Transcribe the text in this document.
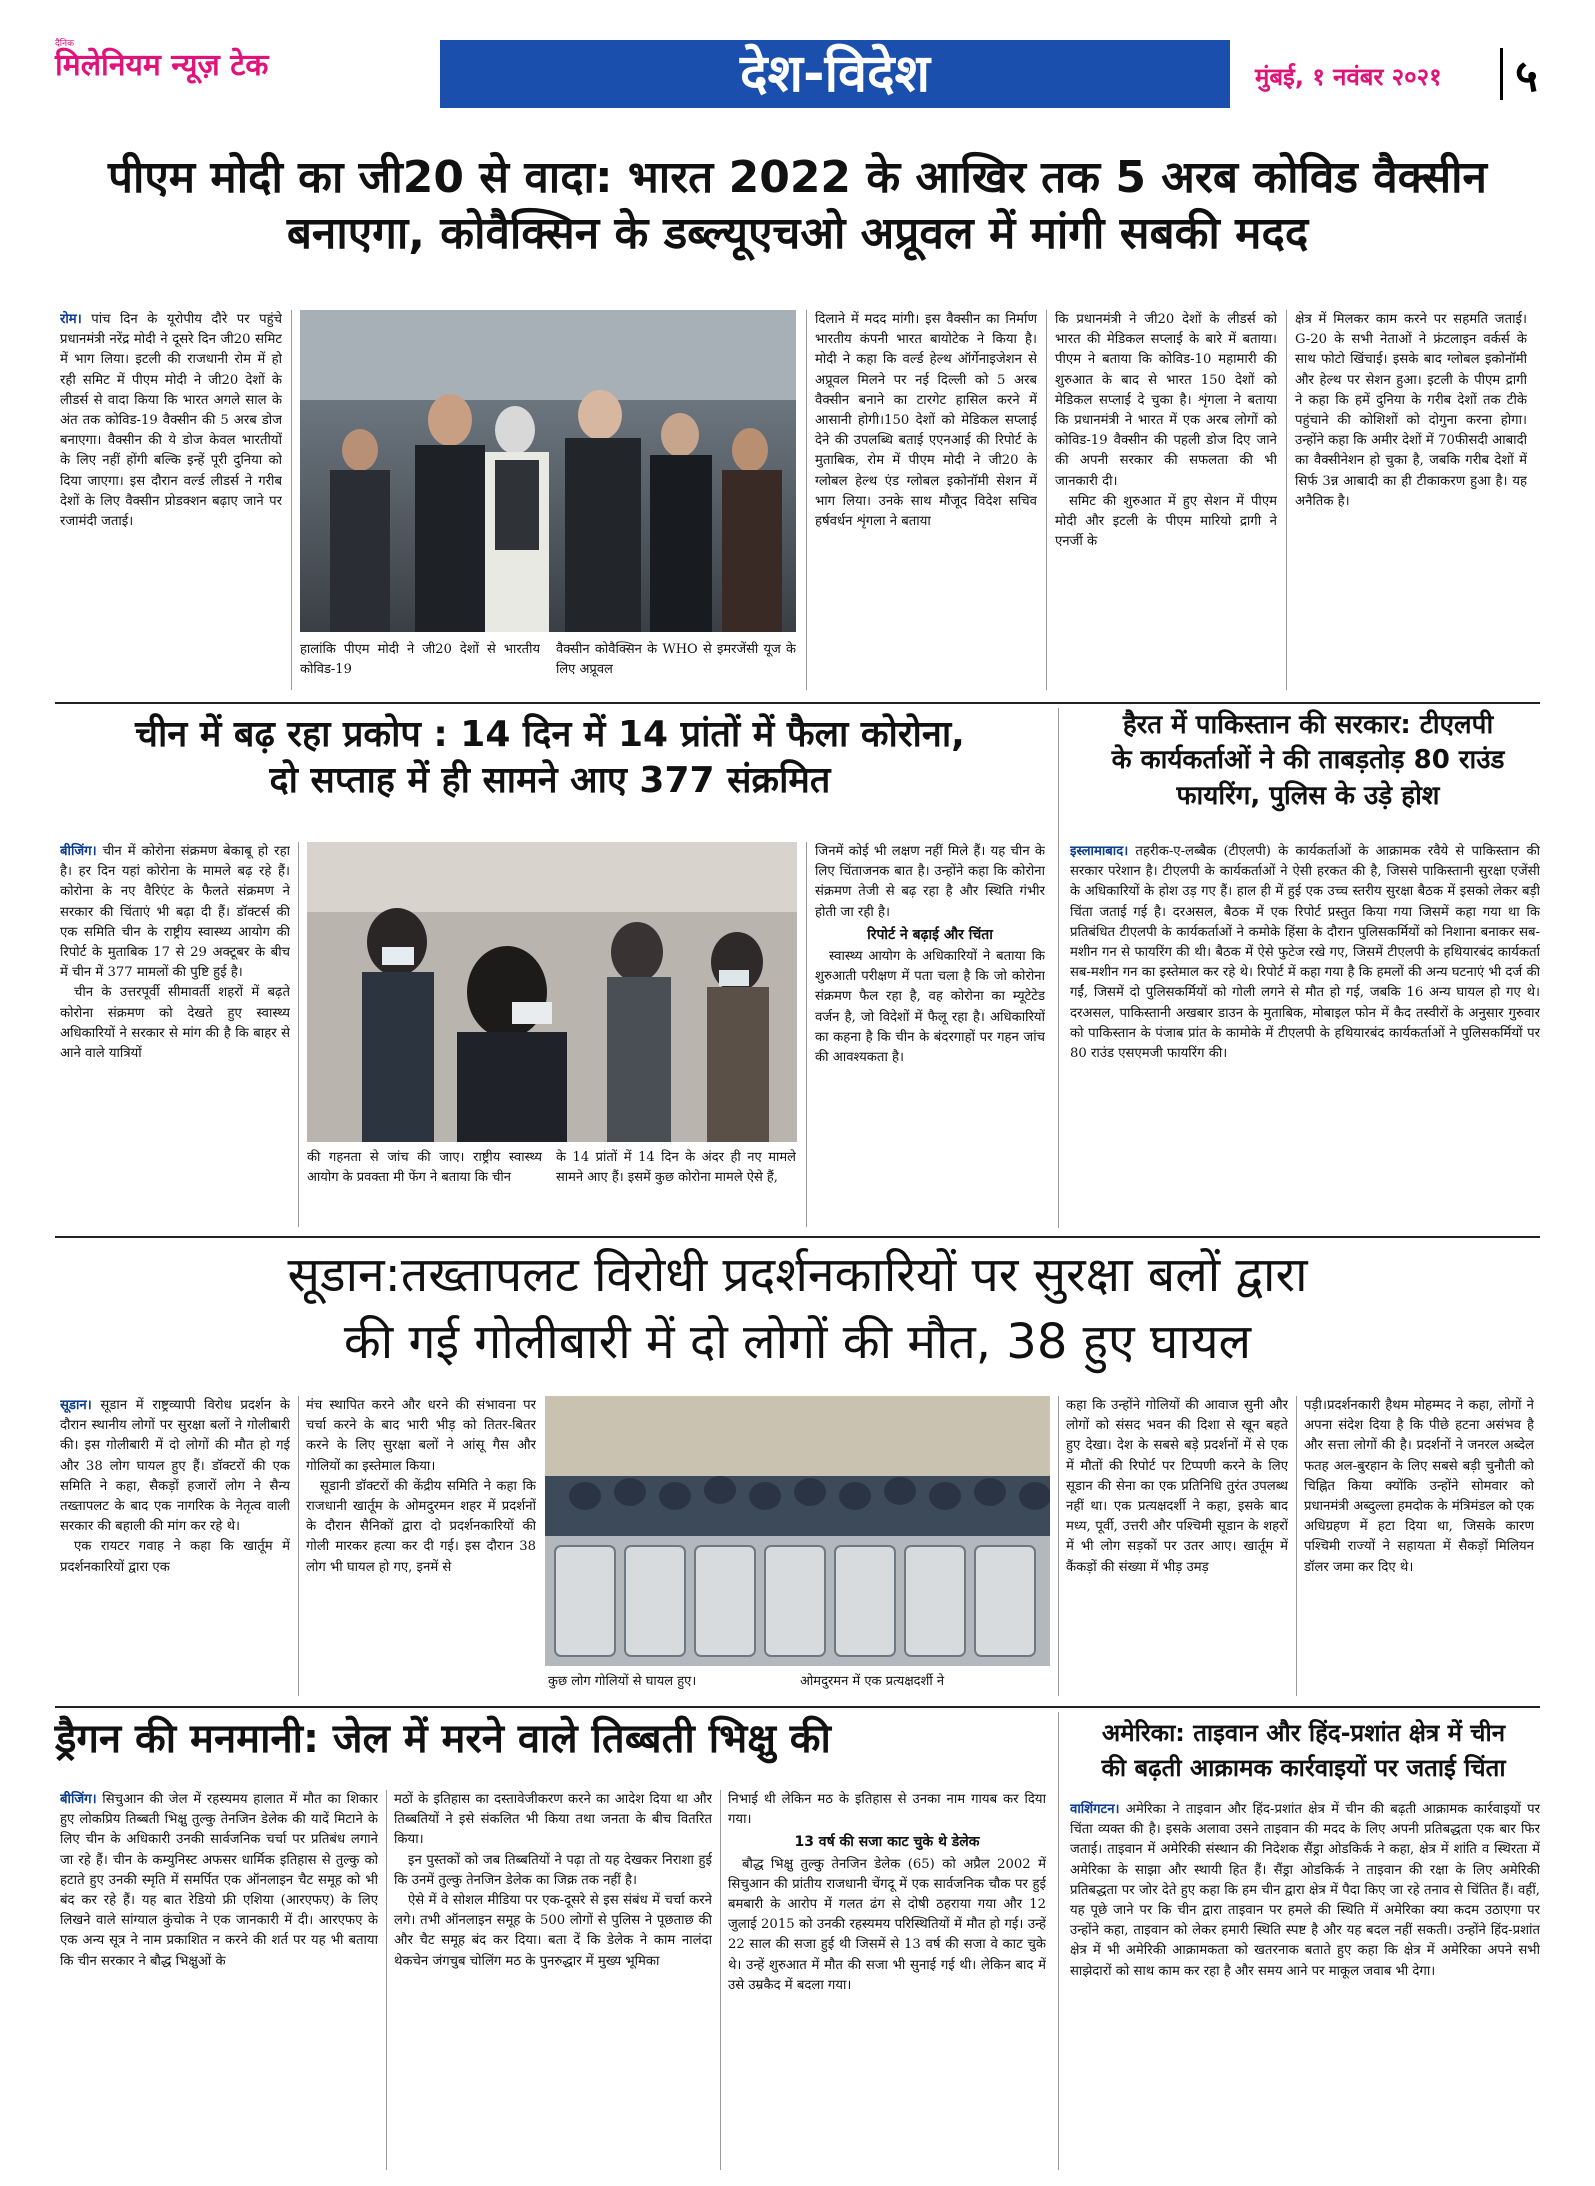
दैनिक
मिलेनियम न्यूज़ टेक	देश-विदेश	मुंबई, १ नवंबर २०२१ ५
पीएम मोदी का जी20 से वादा: भारत 2022 के आखिर तक 5 अरब कोविड वैक्सीन
बनाएगा, कोवैक्सिन के डब्ल्यूएचओ अप्रूवल में मांगी सबकी मदद

रोम। पांच दिन के यूरोपीय दौरे पर पहुंचे प्रधानमंत्री नरेंद्र मोदी ने दूसरे दिन जी20 समिट में भाग लिया। इटली की राजधानी रोम में हो रही समिट में पीएम मोदी ने जी20 देशों के लीडर्स से वादा किया कि भारत अगले साल के अंत तक कोविड-19 वैक्सीन की 5 अरब डोज बनाएगा। वैक्सीन की ये डोज केवल भारतीयों के लिए नहीं होंगी बल्कि इन्हें पूरी दुनिया को दिया जाएगा। इस दौरान वर्ल्ड लीडर्स ने गरीब देशों के लिए वैक्सीन प्रोडक्शन बढ़ाए जाने पर रजामंदी जताई।

हालांकि पीएम मोदी ने जी20 देशों से भारतीय कोविड-19
वैक्सीन कोवैक्सिन के WHO से इमरजेंसी यूज के लिए अप्रूवल
दिलाने में मदद मांगी। इस वैक्सीन का निर्माण भारतीय कंपनी भारत बायोटेक ने किया है। मोदी ने कहा कि वर्ल्ड हेल्थ ऑर्गेनाइजेशन से अप्रूवल मिलने पर नई दिल्ली को 5 अरब वैक्सीन बनाने का टारगेट हासिल करने में आसानी होगी।150 देशों को मेडिकल सप्लाई देने की उपलब्धि बताई एएनआई की रिपोर्ट के मुताबिक, रोम में पीएम मोदी ने जी20 के ग्लोबल हेल्थ एंड ग्लोबल इकोनॉमी सेशन में भाग लिया। उनके साथ मौजूद विदेश सचिव हर्षवर्धन शृंगला ने बताया

कि प्रधानमंत्री ने जी20 देशों के लीडर्स को भारत की मेडिकल सप्लाई के बारे में बताया। पीएम ने बताया कि कोविड-10 महामारी की शुरुआत के बाद से भारत 150 देशों को मेडिकल सप्लाई दे चुका है। शृंगला ने बताया कि प्रधानमंत्री ने भारत में एक अरब लोगों को कोविड-19 वैक्सीन की पहली डोज दिए जाने की अपनी सरकार की सफलता की भी जानकारी दी।

समिट की शुरुआत में हुए सेशन में पीएम मोदी और इटली के पीएम मारियो द्रागी ने एनर्जी के

क्षेत्र में मिलकर काम करने पर सहमति जताई। G-20 के सभी नेताओं ने फ्रंटलाइन वर्कर्स के साथ फोटो खिंचाई। इसके बाद ग्लोबल इकोनॉमी और हेल्थ पर सेशन हुआ। इटली के पीएम द्रागी ने कहा कि हमें दुनिया के गरीब देशों तक टीके पहुंचाने की कोशिशों को दोगुना करना होगा। उन्होंने कहा कि अमीर देशों में 70फीसदी आबादी का वैक्सीनेशन हो चुका है, जबकि गरीब देशों में सिर्फ 3न्न आबादी का ही टीकाकरण हुआ है। यह अनैतिक है।
चीन में बढ़ रहा प्रकोप : 14 दिन में 14 प्रांतों में फैला कोरोना,
दो सप्ताह में ही सामने आए 377 संक्रमित

बीजिंग। चीन में कोरोना संक्रमण बेकाबू हो रहा है। हर दिन यहां कोरोना के मामले बढ़ रहे हैं। कोरोना के नए वैरिएंट के फैलते संक्रमण ने सरकार की चिंताएं भी बढ़ा दी हैं। डॉक्टर्स की एक समिति चीन के राष्ट्रीय स्वास्थ्य आयोग की रिपोर्ट के मुताबिक 17 से 29 अक्टूबर के बीच में चीन में 377 मामलों की पुष्टि हुई है।

चीन के उत्तरपूर्वी सीमावर्ती शहरों में बढ़ते कोरोना संक्रमण को देखते हुए स्वास्थ्य अधिकारियों ने सरकार से मांग की है कि बाहर से आने वाले यात्रियों

की गहनता से जांच की जाए। राष्ट्रीय स्वास्थ्य आयोग के प्रवक्ता मी फेंग ने बताया कि चीन
के 14 प्रांतों में 14 दिन के अंदर ही नए मामले सामने आए हैं। इसमें कुछ कोरोना मामले ऐसे हैं,

जिनमें कोई भी लक्षण नहीं मिले हैं। यह चीन के लिए चिंताजनक बात है। उन्होंने कहा कि कोरोना संक्रमण तेजी से बढ़ रहा है और स्थिति गंभीर होती जा रही है।

रिपोर्ट ने बढ़ाई और चिंता

स्वास्थ्य आयोग के अधिकारियों ने बताया कि शुरुआती परीक्षण में पता चला है कि जो कोरोना संक्रमण फैल रहा है, वह कोरोना का म्यूटेटेड वर्जन है, जो विदेशों में फैलू रहा है। अधिकारियों का कहना है कि चीन के बंदरगाहों पर गहन जांच की आवश्यकता है।

हैरत में पाकिस्तान की सरकार: टीएलपी
के कार्यकर्ताओं ने की ताबड़तोड़ 80 राउंड
फायरिंग, पुलिस के उड़े होश

इस्लामाबाद। तहरीक-ए-लब्बैक (टीएलपी) के कार्यकर्ताओं के आक्रामक रवैये से पाकिस्तान की सरकार परेशान है। टीएलपी के कार्यकर्ताओं ने ऐसी हरकत की है, जिससे पाकिस्तानी सुरक्षा एजेंसी के अधिकारियों के होश उड़ गए हैं। हाल ही में हुई एक उच्च स्तरीय सुरक्षा बैठक में इसको लेकर बड़ी चिंता जताई गई है। दरअसल, बैठक में एक रिपोर्ट प्रस्तुत किया गया जिसमें कहा गया था कि प्रतिबंधित टीएलपी के कार्यकर्ताओं ने कमोके हिंसा के दौरान पुलिसकर्मियों को निशाना बनाकर सब-मशीन गन से फायरिंग की थी। बैठक में ऐसे फुटेज रखे गए, जिसमें टीएलपी के हथियारबंद कार्यकर्ता सब-मशीन गन का इस्तेमाल कर रहे थे। रिपोर्ट में कहा गया है कि हमलों की अन्य घटनाएं भी दर्ज की गईं, जिसमें दो पुलिसकर्मियों को गोली लगने से मौत हो गई, जबकि 16 अन्य घायल हो गए थे। दरअसल, पाकिस्तानी अखबार डाउन के मुताबिक, मोबाइल फोन में कैद तस्वीरों के अनुसार गुरुवार को पाकिस्तान के पंजाब प्रांत के कामोके में टीएलपी के हथियारबंद कार्यकर्ताओं ने पुलिसकर्मियों पर 80 राउंड एसएमजी फायरिंग की।

सूडान:तख्तापलट विरोधी प्रदर्शनकारियों पर सुरक्षा बलों द्वारा
की गई गोलीबारी में दो लोगों की मौत, 38 हुए घायल

सूडान। सूडान में राष्ट्रव्यापी विरोध प्रदर्शन के दौरान स्थानीय लोगों पर सुरक्षा बलों ने गोलीबारी की। इस गोलीबारी में दो लोगों की मौत हो गई और 38 लोग घायल हुए हैं। डॉक्टरों की एक समिति ने कहा, सैकड़ों हजारों लोग ने सैन्य तख्तापलट के बाद एक नागरिक के नेतृत्व वाली सरकार की बहाली की मांग कर रहे थे।

एक रायटर गवाह ने कहा कि खार्तूम में प्रदर्शनकारियों द्वारा एक

मंच स्थापित करने और धरने की संभावना पर चर्चा करने के बाद भारी भीड़ को तितर-बितर करने के लिए सुरक्षा बलों ने आंसू गैस और गोलियों का इस्तेमाल किया।

सूडानी डॉक्टरों की केंद्रीय समिति ने कहा कि राजधानी खार्तूम के ओमदुरमन शहर में प्रदर्शनों के दौरान सैनिकों द्वारा दो प्रदर्शनकारियों की गोली मारकर हत्या कर दी गई। इस दौरान 38 लोग भी घायल हो गए, इनमें से

कुछ लोग गोलियों से घायल हुए।	ओमदुरमन में एक प्रत्यक्षदर्शी ने
कहा कि उन्होंने गोलियों की आवाज सुनी और लोगों को संसद भवन की दिशा से खून बहते हुए देखा। देश के सबसे बड़े प्रदर्शनों में से एक में मौतों की रिपोर्ट पर टिप्पणी करने के लिए सूडान की सेना का एक प्रतिनिधि तुरंत उपलब्ध नहीं था। एक प्रत्यक्षदर्शी ने कहा, इसके बाद मध्य, पूर्वी, उत्तरी और पश्चिमी सूडान के शहरों में भी लोग सड़कों पर उतर आए। खार्तूम में कैंकड़ों की संख्या में भीड़ उमड़
पड़ी।प्रदर्शनकारी हैथम मोहम्मद ने कहा, लोगों ने अपना संदेश दिया है कि पीछे हटना असंभव है और सत्ता लोगों की है। प्रदर्शनों ने जनरल अब्देल फतह अल-बुरहान के लिए सबसे बड़ी चुनौती को चिह्नित किया क्योंकि उन्होंने सोमवार को प्रधानमंत्री अब्दुल्ला हमदोक के मंत्रिमंडल को एक अधिग्रहण में हटा दिया था, जिसके कारण पश्चिमी राज्यों ने सहायता में सैकड़ों मिलियन डॉलर जमा कर दिए थे।
ड्रैगन की मनमानी: जेल में मरने वाले तिब्बती भिक्षु की

बीजिंग। सिचुआन की जेल में रहस्यमय हालात में मौत का शिकार हुए लोकप्रिय तिब्बती भिक्षु तुल्कु तेनजिन डेलेक की यादें मिटाने के लिए चीन के अधिकारी उनकी सार्वजनिक चर्चा पर प्रतिबंध लगाने जा रहे हैं। चीन के कम्युनिस्ट अफसर धार्मिक इतिहास से तुल्कु को हटाते हुए उनकी स्मृति में समर्पित एक ऑनलाइन चैट समूह को भी बंद कर रहे हैं। यह बात रेडियो फ्री एशिया (आरएफए) के लिए लिखने वाले सांग्याल कुंचोक ने एक जानकारी में दी। आरएफए के एक अन्य सूत्र ने नाम प्रकाशित न करने की शर्त पर यह भी बताया कि चीन सरकार ने बौद्ध भिक्षुओं के

मठों के इतिहास का दस्तावेजीकरण करने का आदेश दिया था और तिब्बतियों ने इसे संकलित भी किया तथा जनता के बीच वितरित किया।

इन पुस्तकों को जब तिब्बतियों ने पढ़ा तो यह देखकर निराशा हुई कि उनमें तुल्कु तेनजिन डेलेक का जिक्र तक नहीं है।

ऐसे में वे सोशल मीडिया पर एक-दूसरे से इस संबंध में चर्चा करने लगे। तभी ऑनलाइन समूह के 500 लोगों से पुलिस ने पूछताछ की और चैट समूह बंद कर दिया। बता दें कि डेलेक ने काम नालंदा थेकचेन जंगचुब चोलिंग मठ के पुनरुद्धार में मुख्य भूमिका

निभाई थी लेकिन मठ के इतिहास से उनका नाम गायब कर दिया गया।

13 वर्ष की सजा काट चुके थे डेलेक

बौद्ध भिक्षु तुल्कु तेनजिन डेलेक (65) को अप्रैल 2002 में सिचुआन की प्रांतीय राजधानी चेंगदू में एक सार्वजनिक चौक पर हुई बमबारी के आरोप में गलत ढंग से दोषी ठहराया गया और 12 जुलाई 2015 को उनकी रहस्यमय परिस्थितियों में मौत हो गई। उन्हें 22 साल की सजा हुई थी जिसमें से 13 वर्ष की सजा वे काट चुके थे। उन्हें शुरुआत में मौत की सजा भी सुनाई गई थी। लेकिन बाद में उसे उम्रकैद में बदला गया।

अमेरिका: ताइवान और हिंद-प्रशांत क्षेत्र में चीन
की बढ़ती आक्रामक कार्रवाइयों पर जताई चिंता

वाशिंगटन। अमेरिका ने ताइवान और हिंद-प्रशांत क्षेत्र में चीन की बढ़ती आक्रामक कार्रवाइयों पर चिंता व्यक्त की है। इसके अलावा उसने ताइवान की मदद के लिए अपनी प्रतिबद्धता एक बार फिर जताई। ताइवान में अमेरिकी संस्थान की निदेशक सैंड्रा ओडकिर्क ने कहा, क्षेत्र में शांति व स्थिरता में अमेरिका के साझा और स्थायी हित हैं। सैंड्रा ओडकिर्क ने ताइवान की रक्षा के लिए अमेरिकी प्रतिबद्धता पर जोर देते हुए कहा कि हम चीन द्वारा क्षेत्र में पैदा किए जा रहे तनाव से चिंतित हैं। वहीं, यह पूछे जाने पर कि चीन द्वारा ताइवान पर हमले की स्थिति में अमेरिका क्या कदम उठाएगा पर उन्होंने कहा, ताइवान को लेकर हमारी स्थिति स्पष्ट है और यह बदल नहीं सकती। उन्होंने हिंद-प्रशांत क्षेत्र में भी अमेरिकी आक्रामकता को खतरनाक बताते हुए कहा कि क्षेत्र में अमेरिका अपने सभी साझेदारों को साथ काम कर रहा है और समय आने पर माकूल जवाब भी देगा।
